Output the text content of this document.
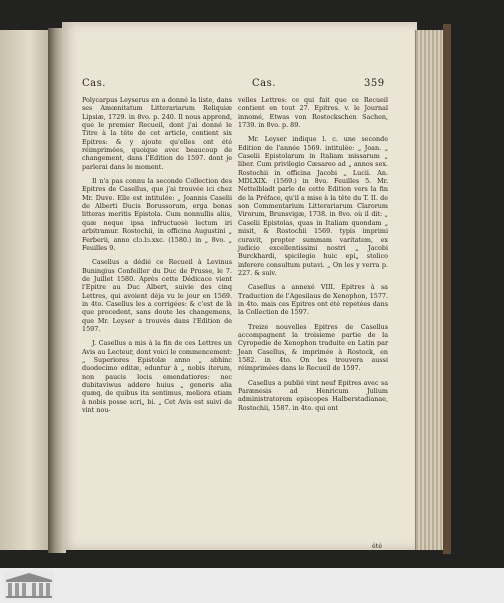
Cas.	Cas.	359

Polycarpus Leyserus en a donné la liste, dans ses Amœnitatum Litterariarum Reliquiæ Lipsiæ, 1729. in 8vo. p. 240. Il nous apprend, que le premier Recueil, dont j'ai donné le Titre à la tête de cet article, contient six Epitres: & y ajoute qu'elles ont été réimprimées, quoique avec beaucoup de changement, dans l'Edition de 1597. dont je parlerai dans le moment.

Il n'a pas connu la seconde Collection des Epitres de Casellus, que j'ai trouvée ici chez Mr. Duve. Elle est intitulée: „ Joannis Caselii de Alberti Ducis Borussorum, erga bonas litteras meritis Epistola. Cum nonnullis aliis, quæ neque ipsa infructuosè lectum iri arbitramur. Rostochii, in officina Augustini „ Ferberii, anno clɔ.lɔ.xxc. (1580.) in „ 8vo. „ Feuilles 9.

Casellus a dédié ce Recueil à Levinus Buningius Confeiller du Duc de Prusse, le 7. de Juillet 1580. Après cette Dédicace vient l'Epitre au Duc Albert, suivie des cinq Lettres, qui avoient déja vu le jour en 1569. in 4to. Casellus les a corrigées: & c'est de là que procedent, sans doute les changemens, que Mr. Leyser a trouvés dans l'Edition de 1597.

J. Casellus a mis à la fin de ces Lettres un Avis au Lecteur, dont voici le commencement: „ Superiores Epistolæ anno „ abhinc duodecimo editæ, eduntur à „ nobis iterum, non paucis locis emendatiores: nec dubitaviwus addere huius „ generis alia quæq, de quibus ita sentimus, meliora etiam à nobis posse scri„ bi. „ Cet Avis est suivi de vint nou-

velles Lettres: ce qui fait que ce Recueil contient en tout 27. Epitres. v. le Journal innomé, Etwas von Rostockschen Sachen, 1739. in 8vo. p. 89.

Mr. Leyser indique l. c. une seconde Edition de l'année 1569. intitulée: „ Joan. „ Caselii Epistolarum in Italiam missarum „ liber. Cum privilegio Cæsareo ad „ annos sex. Rostochii in officina Jacobi „ Lucii. An. MDLXIX. (1569.) in 8vo. Feuilles 5. Mr. Nettelbladt parle de cette Edition vers la fin de la Préface, qu'il a mise à la tête du T. II. de son Commentarium Litterariarum Clarorum Virorum, Brunsvigæ, 1738. in 8vo. où il dit: „ Caselii Epistolas, quas in Italiam quondam „ misit, & Rostochii 1569. typis imprimi curavit, propter summam varitatem, ex judicio excellentissimi nostri „ Jacobi Burckhardi, spicilegio huic epi„ stolico inferere consultum putavi. „ On les y verra p. 227. & suiv.

Casellus a annexé VIII. Epitres à sa Traduction de l'Agesilaus de Xenophon, 1577. in 4to. mais ces Epitres ont été repetées dans la Collection de 1597.

Treize nouvelles Epitres de Casellus accompagnent la troisieme partie de la Cyropedie de Xenophon traduite en Latin par Jean Casellus, & imprimée à Rostock, en 1582. in 4to. On les trouvera aussi réimprimées dans le Recueil de 1597.

Casellus a publié vint neuf Epitres avec sa Parænesis ad Henricum Julium administratorem episcopes Halberstadianae, Rostochii, 1587. in 4to. qui ont

été
